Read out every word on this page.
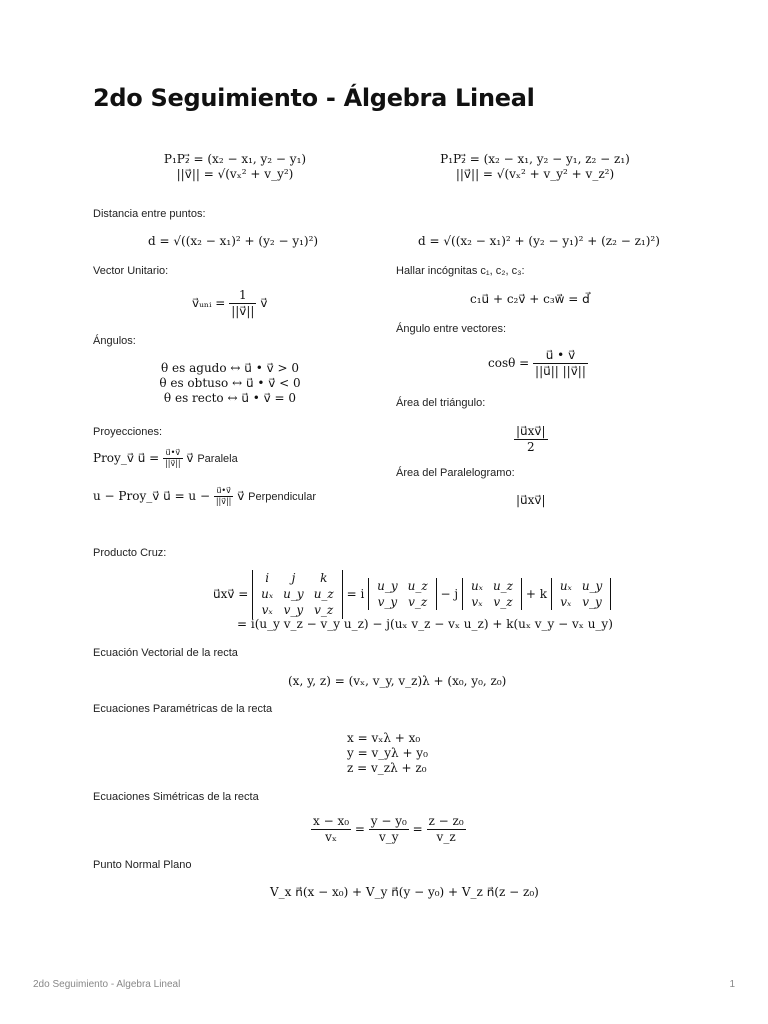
2do Seguimiento - Álgebra Lineal
P₁P₂⃗ = (x₂ − x₁, y₂ − y₁)
||v⃗|| = √(vₓ² + v_y²)
P₁P₂⃗ = (x₂ − x₁, y₂ − y₁, z₂ − z₁)
||v⃗|| = √(vₓ² + v_y² + v_z²)
Distancia entre puntos:
d = √((x₂ − x₁)² + (y₂ − y₁)²)	d = √((x₂ − x₁)² + (y₂ − y₁)² + (z₂ − z₁)²)
Vector Unitario:	Hallar incógnitas c₁, c₂, c₃:
v⃗ᵤₙᵢ = $\frac{1}{||v⃗||}$ v⃗	c₁u⃗ + c₂v⃗ + c₃w⃗ = d⃗
Ángulo entre vectores:
Ángulos:
$\cos\theta = \frac{u⃗ • v⃗}{||u⃗|| ||v⃗||}$
θ es agudo ↔ u⃗ • v⃗ > 0
θ es obtuso ↔ u⃗ • v⃗ < 0
θ es recto ↔ u⃗ • v⃗ = 0	Área del triángulo:
$\frac{|u⃗xv⃗|}{2}$
Proyecciones:
Proy_v⃗ u⃗ = $\frac{u⃗•v⃗}{||v⃗||}$ v⃗ Paralela
Área del Paralelogramo:
u − Proy_v⃗ u⃗ = $u - \frac{u⃗•v⃗}{||v⃗||}$ v⃗ Perpendicular	|u⃗xv⃗|
Producto Cruz:
u⃗xv⃗ =
i	j	k
uₓ	u_y	u_z
vₓ	v_y	v_z
= i
u_y	u_z
v_y	v_z
− j
uₓ	u_z
vₓ	v_z
+ k
uₓ	u_y
vₓ	v_y
= i(u_y v_z − v_y u_z) − j(uₓ v_z − vₓ u_z) + k(uₓ v_y − vₓ u_y)
Ecuación Vectorial de la recta
(x, y, z) = (vₓ, v_y, v_z)λ + (x₀, y₀, z₀)
Ecuaciones Paramétricas de la recta
x = vₓλ + x₀
y = v_yλ + y₀
z = v_zλ + z₀
Ecuaciones Simétricas de la recta
$\frac{\text{x − x₀}}{\text{vₓ}} = \frac{\text{y − y₀}}{v\_y} = \frac{\text{z − z₀}}{v\_z}$
Punto Normal Plano
V_x n⃗(x − x₀) + V_y n⃗(y − y₀) + V_z n⃗(z − z₀)
2do Seguimiento - Algebra Lineal	1
